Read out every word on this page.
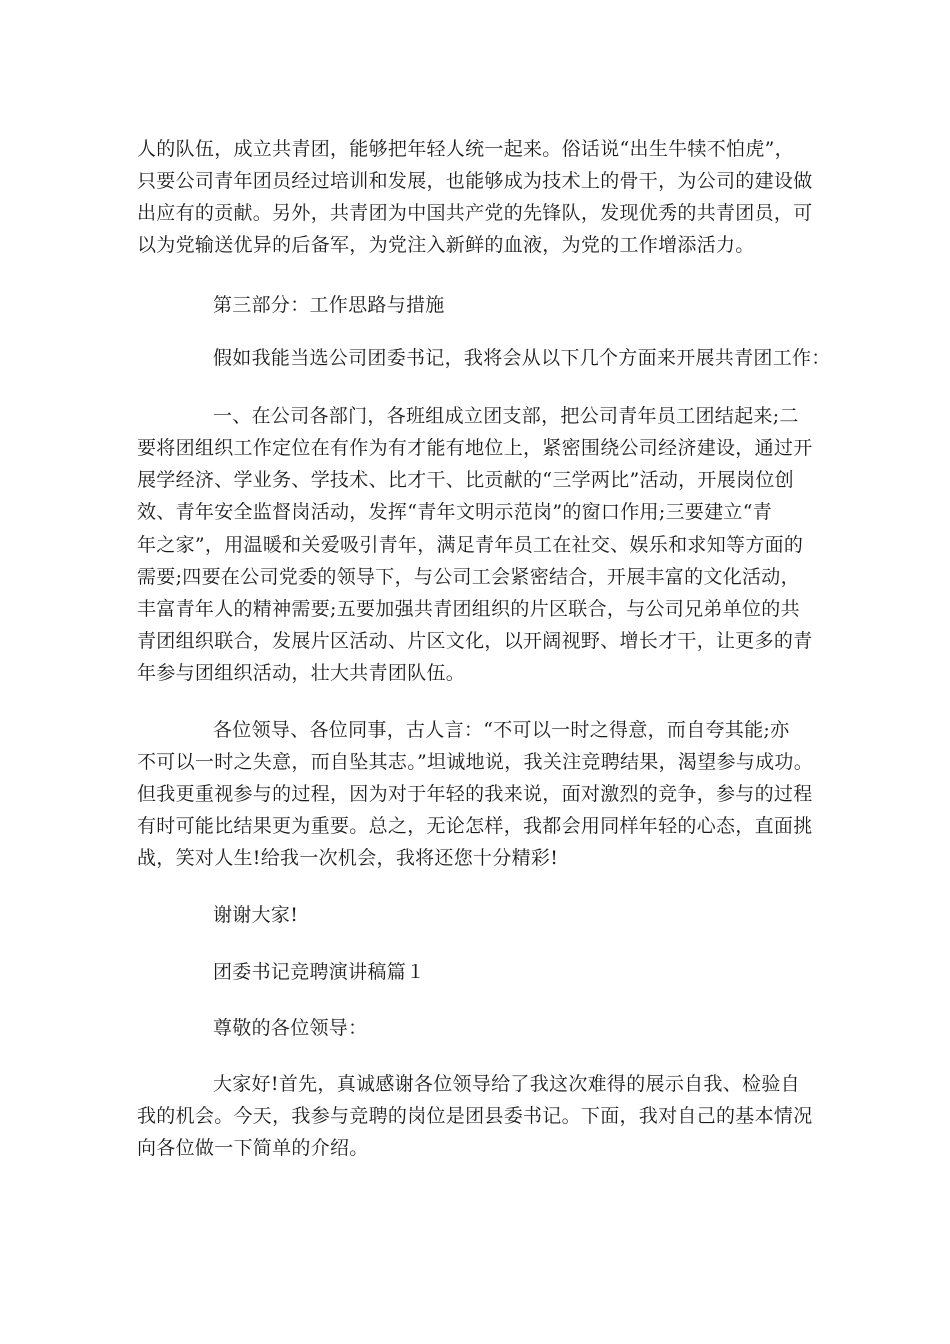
人的队伍，成立共青团，能够把年轻人统一起来。俗话说“出生牛犊不怕虎”，
只要公司青年团员经过培训和发展，也能够成为技术上的骨干，为公司的建设做
出应有的贡献。另外，共青团为中国共产党的先锋队，发现优秀的共青团员，可
以为党输送优异的后备军，为党注入新鲜的血液，为党的工作增添活力。
第三部分：工作思路与措施
假如我能当选公司团委书记，我将会从以下几个方面来开展共青团工作：
一、在公司各部门，各班组成立团支部，把公司青年员工团结起来;二
要将团组织工作定位在有作为有才能有地位上，紧密围绕公司经济建设，通过开
展学经济、学业务、学技术、比才干、比贡献的“三学两比”活动，开展岗位创
效、青年安全监督岗活动，发挥“青年文明示范岗”的窗口作用;三要建立“青
年之家”，用温暖和关爱吸引青年，满足青年员工在社交、娱乐和求知等方面的
需要;四要在公司党委的领导下，与公司工会紧密结合，开展丰富的文化活动，
丰富青年人的精神需要;五要加强共青团组织的片区联合，与公司兄弟单位的共
青团组织联合，发展片区活动、片区文化，以开阔视野、增长才干，让更多的青
年参与团组织活动，壮大共青团队伍。
各位领导、各位同事，古人言：“不可以一时之得意，而自夸其能;亦
不可以一时之失意，而自坠其志。”坦诚地说，我关注竞聘结果，渴望参与成功。
但我更重视参与的过程，因为对于年轻的我来说，面对激烈的竞争，参与的过程
有时可能比结果更为重要。总之，无论怎样，我都会用同样年轻的心态，直面挑
战，笑对人生!给我一次机会，我将还您十分精彩!
谢谢大家!
团委书记竞聘演讲稿篇１
尊敬的各位领导：
大家好!首先，真诚感谢各位领导给了我这次难得的展示自我、检验自
我的机会。今天，我参与竞聘的岗位是团县委书记。下面，我对自己的基本情况
向各位做一下简单的介绍。
